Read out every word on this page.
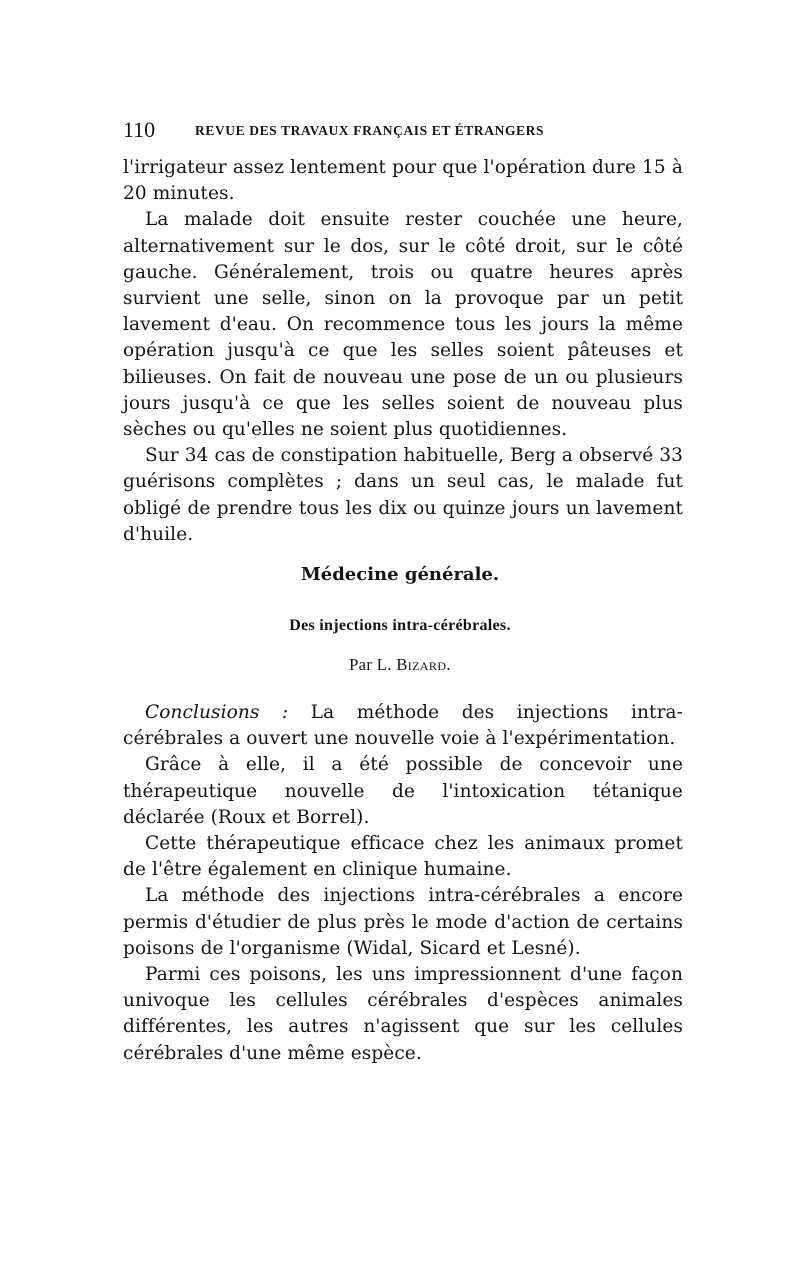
110	REVUE DES TRAVAUX FRANÇAIS ET ÉTRANGERS

l'irrigateur assez lentement pour que l'opération dure 15 à 20 minutes.

La malade doit ensuite rester couchée une heure, alternativement sur le dos, sur le côté droit, sur le côté gauche. Généralement, trois ou quatre heures après survient une selle, sinon on la provoque par un petit lavement d'eau. On recommence tous les jours la même opération jusqu'à ce que les selles soient pâteuses et bilieuses. On fait de nouveau une pose de un ou plusieurs jours jusqu'à ce que les selles soient de nouveau plus sèches ou qu'elles ne soient plus quotidiennes.

Sur 34 cas de constipation habituelle, Berg a observé 33 guérisons complètes ; dans un seul cas, le malade fut obligé de prendre tous les dix ou quinze jours un lavement d'huile.

Médecine générale.
Des injections intra-cérébrales.
Par L. Bizard.

Conclusions : La méthode des injections intra-cérébrales a ouvert une nouvelle voie à l'expérimentation.

Grâce à elle, il a été possible de concevoir une thérapeutique nouvelle de l'intoxication tétanique déclarée (Roux et Borrel).

Cette thérapeutique efficace chez les animaux promet de l'être également en clinique humaine.

La méthode des injections intra-cérébrales a encore permis d'étudier de plus près le mode d'action de certains poisons de l'organisme (Widal, Sicard et Lesné).

Parmi ces poisons, les uns impressionnent d'une façon univoque les cellules cérébrales d'espèces animales différentes, les autres n'agissent que sur les cellules cérébrales d'une même espèce.
